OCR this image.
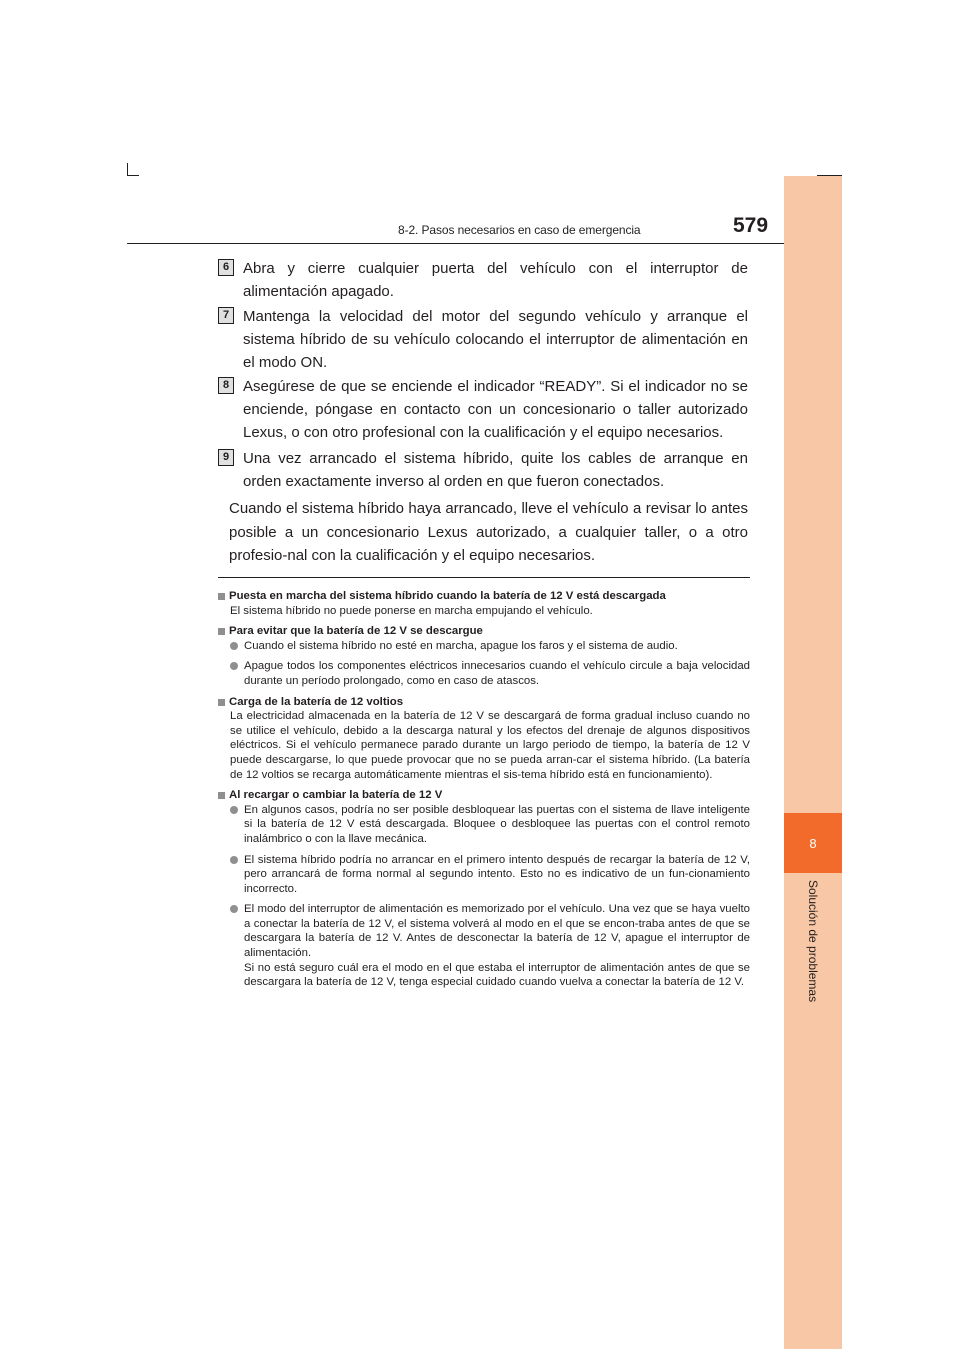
8
Solución de problemas
8-2. Pasos necesarios en caso de emergencia	579
6 Abra y cierre cualquier puerta del vehículo con el interruptor de alimentación apagado.
7 Mantenga la velocidad del motor del segundo vehículo y arranque el sistema híbrido de su vehículo colocando el interruptor de alimentación en el modo ON.
8 Asegúrese de que se enciende el indicador “READY”. Si el indicador no se enciende, póngase en contacto con un concesionario o taller autorizado Lexus, o con otro profesional con la cualificación y el equipo necesarios.
9 Una vez arrancado el sistema híbrido, quite los cables de arranque en orden exactamente inverso al orden en que fueron conectados.
Cuando el sistema híbrido haya arrancado, lleve el vehículo a revisar lo antes posible a un concesionario Lexus autorizado, a cualquier taller, o a otro profesio-nal con la cualificación y el equipo necesarios.
Puesta en marcha del sistema híbrido cuando la batería de 12 V está descargada
El sistema híbrido no puede ponerse en marcha empujando el vehículo.
Para evitar que la batería de 12 V se descargue
Cuando el sistema híbrido no esté en marcha, apague los faros y el sistema de audio.
Apague todos los componentes eléctricos innecesarios cuando el vehículo circule a baja velocidad durante un período prolongado, como en caso de atascos.
Carga de la batería de 12 voltios
La electricidad almacenada en la batería de 12 V se descargará de forma gradual incluso cuando no se utilice el vehículo, debido a la descarga natural y los efectos del drenaje de algunos dispositivos eléctricos. Si el vehículo permanece parado durante un largo periodo de tiempo, la batería de 12 V puede descargarse, lo que puede provocar que no se pueda arran-car el sistema híbrido. (La batería de 12 voltios se recarga automáticamente mientras el sis-tema híbrido está en funcionamiento).
Al recargar o cambiar la batería de 12 V
En algunos casos, podría no ser posible desbloquear las puertas con el sistema de llave inteligente si la batería de 12 V está descargada. Bloquee o desbloquee las puertas con el control remoto inalámbrico o con la llave mecánica.
El sistema híbrido podría no arrancar en el primero intento después de recargar la batería de 12 V, pero arrancará de forma normal al segundo intento. Esto no es indicativo de un fun-cionamiento incorrecto.
El modo del interruptor de alimentación es memorizado por el vehículo. Una vez que se haya vuelto a conectar la batería de 12 V, el sistema volverá al modo en el que se encon-traba antes de que se descargara la batería de 12 V. Antes de desconectar la batería de 12 V, apague el interruptor de alimentación.
Si no está seguro cuál era el modo en el que estaba el interruptor de alimentación antes de que se descargara la batería de 12 V, tenga especial cuidado cuando vuelva a conectar la batería de 12 V.
